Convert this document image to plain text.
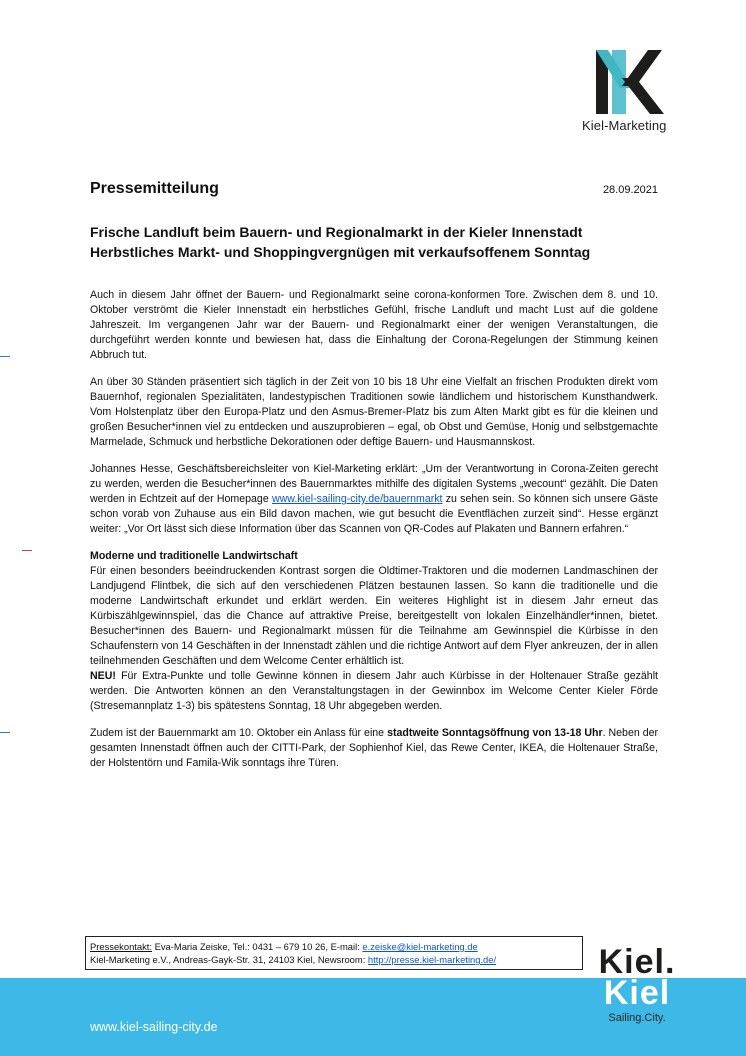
Kiel-Marketing
Pressemitteilung	28.09.2021
Frische Landluft beim Bauern- und Regionalmarkt in der Kieler Innenstadt
Herbstliches Markt- und Shoppingvergnügen mit verkaufsoffenem Sonntag

Auch in diesem Jahr öffnet der Bauern- und Regionalmarkt seine corona-konformen Tore. Zwischen dem 8. und 10. Oktober verströmt die Kieler Innenstadt ein herbstliches Gefühl, frische Landluft und macht Lust auf die goldene Jahreszeit. Im vergangenen Jahr war der Bauern- und Regionalmarkt einer der wenigen Veranstaltungen, die durchgeführt werden konnte und bewiesen hat, dass die Einhaltung der Corona-Regelungen der Stimmung keinen Abbruch tut.

An über 30 Ständen präsentiert sich täglich in der Zeit von 10 bis 18 Uhr eine Vielfalt an frischen Produkten direkt vom Bauernhof, regionalen Spezialitäten, landestypischen Traditionen sowie ländlichem und historischem Kunsthandwerk. Vom Holstenplatz über den Europa-Platz und den Asmus-Bremer-Platz bis zum Alten Markt gibt es für die kleinen und großen Besucher*innen viel zu entdecken und auszuprobieren – egal, ob Obst und Gemüse, Honig und selbstgemachte Marmelade, Schmuck und herbstliche Dekorationen oder deftige Bauern- und Hausmannskost.

Johannes Hesse, Geschäftsbereichsleiter von Kiel-Marketing erklärt: „Um der Verantwortung in Corona-Zeiten gerecht zu werden, werden die Besucher*innen des Bauernmarktes mithilfe des digitalen Systems „wecount“ gezählt. Die Daten werden in Echtzeit auf der Homepage www.kiel-sailing-city.de/bauernmarkt zu sehen sein. So können sich unsere Gäste schon vorab von Zuhause aus ein Bild davon machen, wie gut besucht die Eventflächen zurzeit sind“. Hesse ergänzt weiter: „Vor Ort lässt sich diese Information über das Scannen von QR-Codes auf Plakaten und Bannern erfahren.“

Moderne und traditionelle Landwirtschaft

Für einen besonders beeindruckenden Kontrast sorgen die Oldtimer-Traktoren und die modernen Landmaschinen der Landjugend Flintbek, die sich auf den verschiedenen Plätzen bestaunen lassen. So kann die traditionelle und die moderne Landwirtschaft erkundet und erklärt werden. Ein weiteres Highlight ist in diesem Jahr erneut das Kürbiszählgewinnspiel, das die Chance auf attraktive Preise, bereitgestellt von lokalen Einzelhändler*innen, bietet. Besucher*innen des Bauern- und Regionalmarkt müssen für die Teilnahme am Gewinnspiel die Kürbisse in den Schaufenstern von 14 Geschäften in der Innenstadt zählen und die richtige Antwort auf dem Flyer ankreuzen, der in allen teilnehmenden Geschäften und dem Welcome Center erhältlich ist.
NEU! Für Extra-Punkte und tolle Gewinne können in diesem Jahr auch Kürbisse in der Holtenauer Straße gezählt werden. Die Antworten können an den Veranstaltungstagen in der Gewinnbox im Welcome Center Kieler Förde (Stresemannplatz 1-3) bis spätestens Sonntag, 18 Uhr abgegeben werden.

Zudem ist der Bauernmarkt am 10. Oktober ein Anlass für eine stadtweite Sonntagsöffnung von 13-18 Uhr. Neben der gesamten Innenstadt öffnen auch der CITTI-Park, der Sophienhof Kiel, das Rewe Center, IKEA, die Holtenauer Straße, der Holstentörn und Famila-Wik sonntags ihre Türen.

www.kiel-sailing-city.de
Pressekontakt: Eva-Maria Zeiske, Tel.: 0431 – 679 10 26, E-mail: e.zeiske@kiel-marketing.de
Kiel-Marketing e.V., Andreas-Gayk-Str. 31, 24103 Kiel, Newsroom: http://presse.kiel-marketing.de/	Kiel.
Kiel
Sailing.City.
